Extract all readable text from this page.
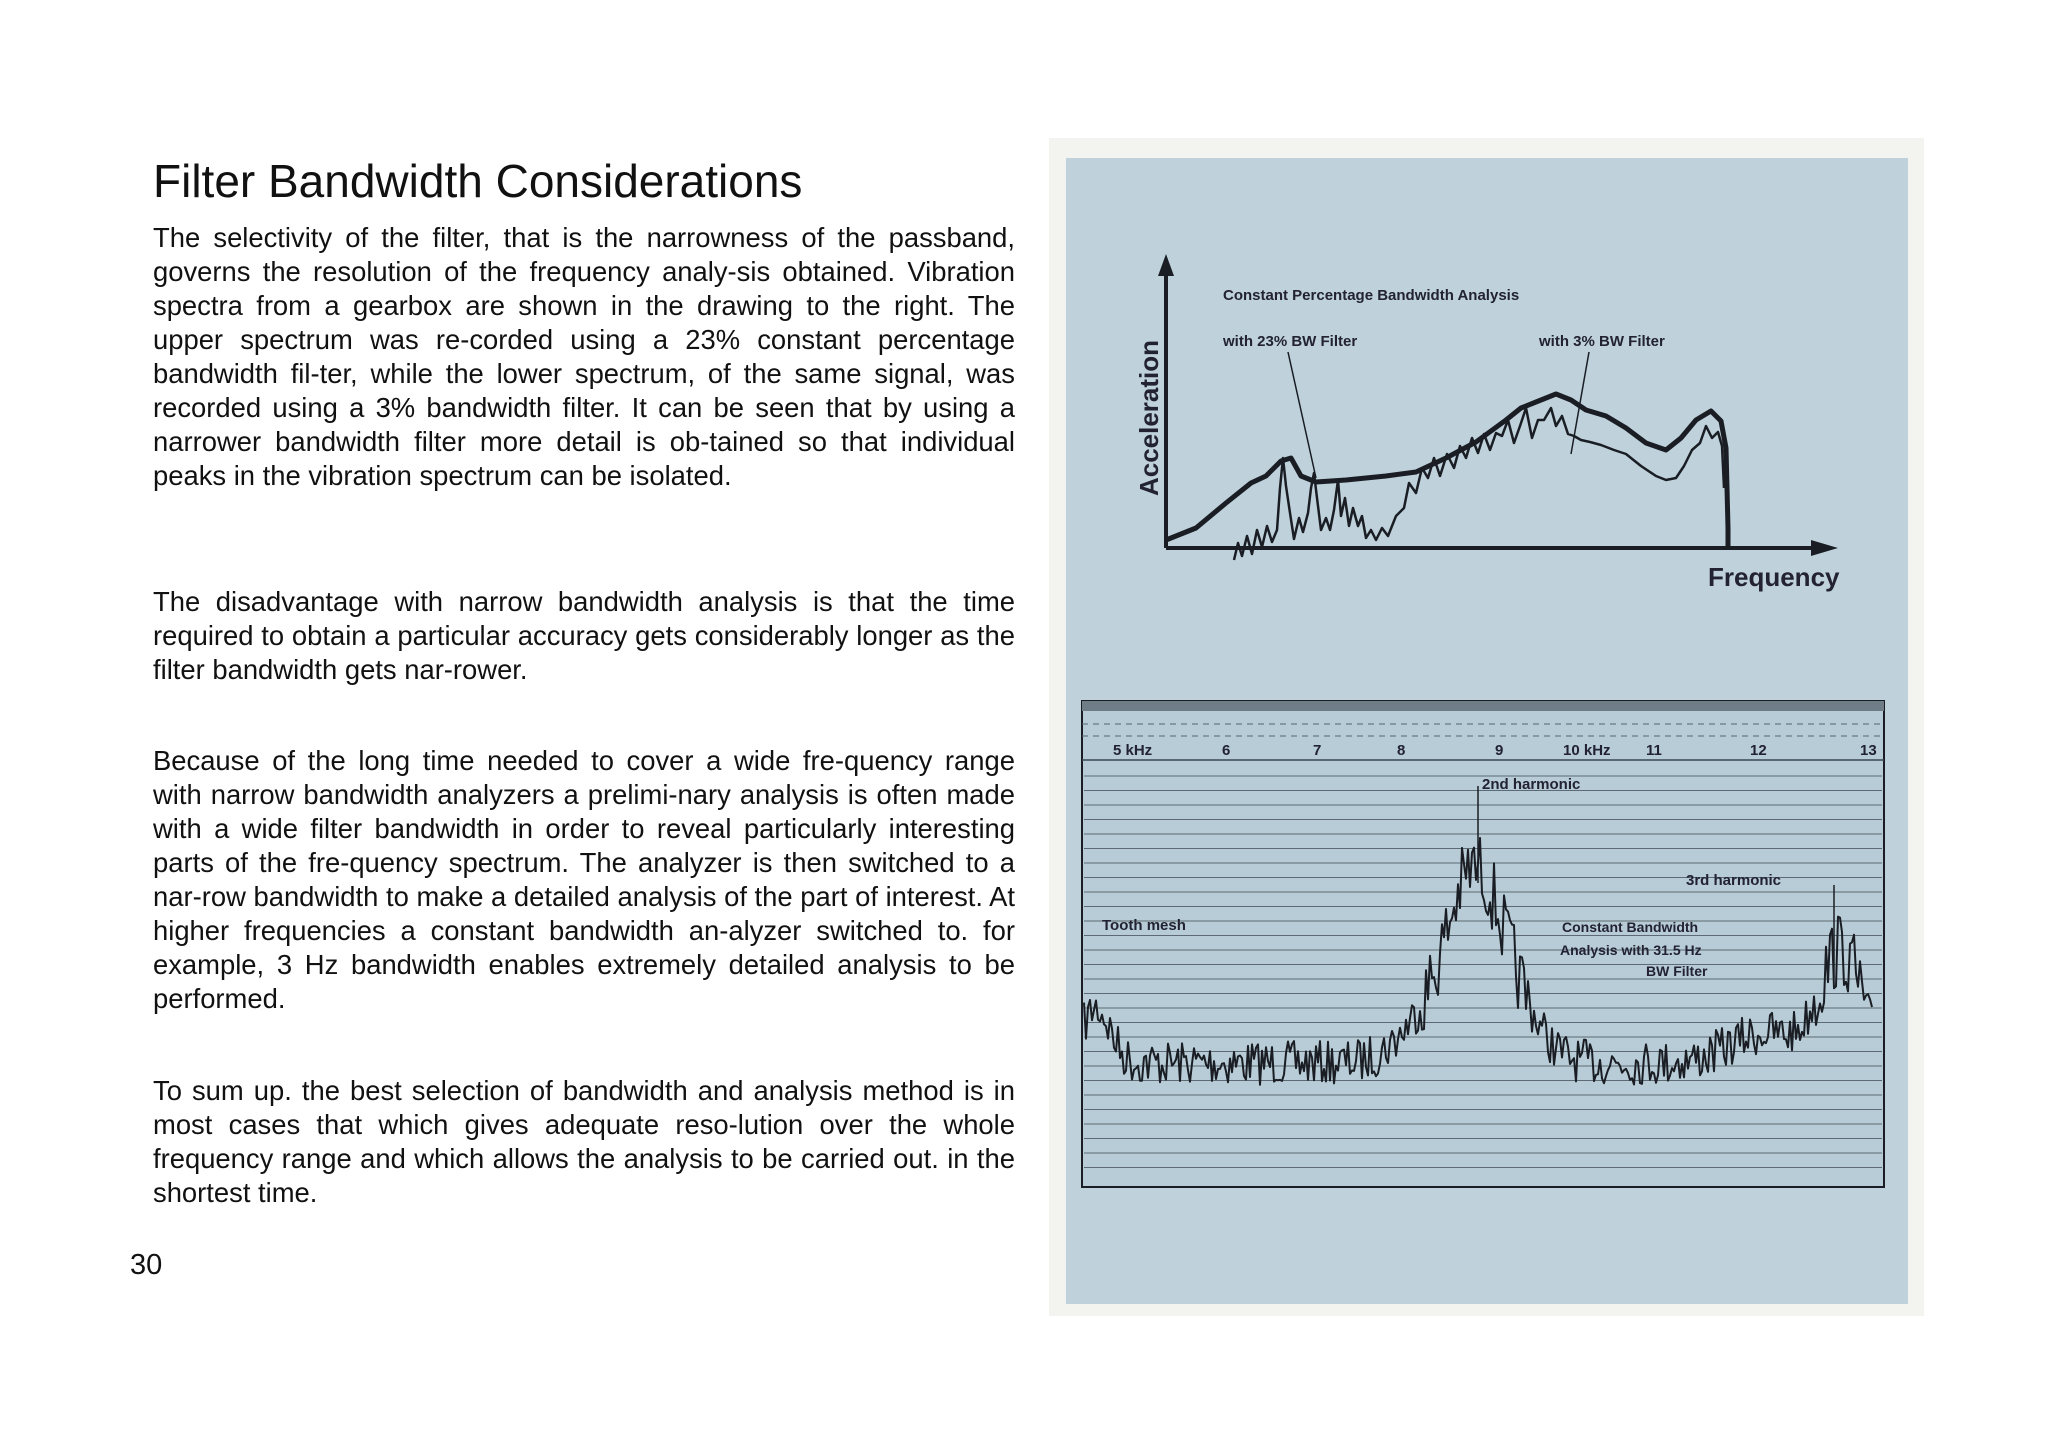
Filter Bandwidth Considerations

The selectivity of the filter, that is the narrowness of the passband, governs the resolution of the frequency analy-sis obtained. Vibration spectra from a gearbox are shown in the drawing to the right. The upper spectrum was re-corded using a 23% constant percentage bandwidth fil-ter, while the lower spectrum, of the same signal, was recorded using a 3% bandwidth filter. It can be seen that by using a narrower bandwidth filter more detail is ob-tained so that individual peaks in the vibration spectrum can be isolated.

The disadvantage with narrow bandwidth analysis is that the time required to obtain a particular accuracy gets considerably longer as the filter bandwidth gets nar-rower.

Because of the long time needed to cover a wide fre-quency range with narrow bandwidth analyzers a prelimi-nary analysis is often made with a wide filter bandwidth in order to reveal particularly interesting parts of the fre-quency spectrum. The analyzer is then switched to a nar-row bandwidth to make a detailed analysis of the part of interest. At higher frequencies a constant bandwidth an-alyzer switched to. for example, 3 Hz bandwidth enables extremely detailed analysis to be performed.

To sum up. the best selection of bandwidth and analysis method is in most cases that which gives adequate reso-lution over the whole frequency range and which allows the analysis to be carried out. in the shortest time.

30
Acceleration
Frequency
Constant Percentage Bandwidth Analysis
with 23% BW Filter	with 3% BW Filter
5 kHz	6	7	8	9	10 kHz 11	12	13
2nd harmonic
3rd harmonic
Tooth mesh	Constant Bandwidth
Analysis with 31.5 Hz
BW Filter
